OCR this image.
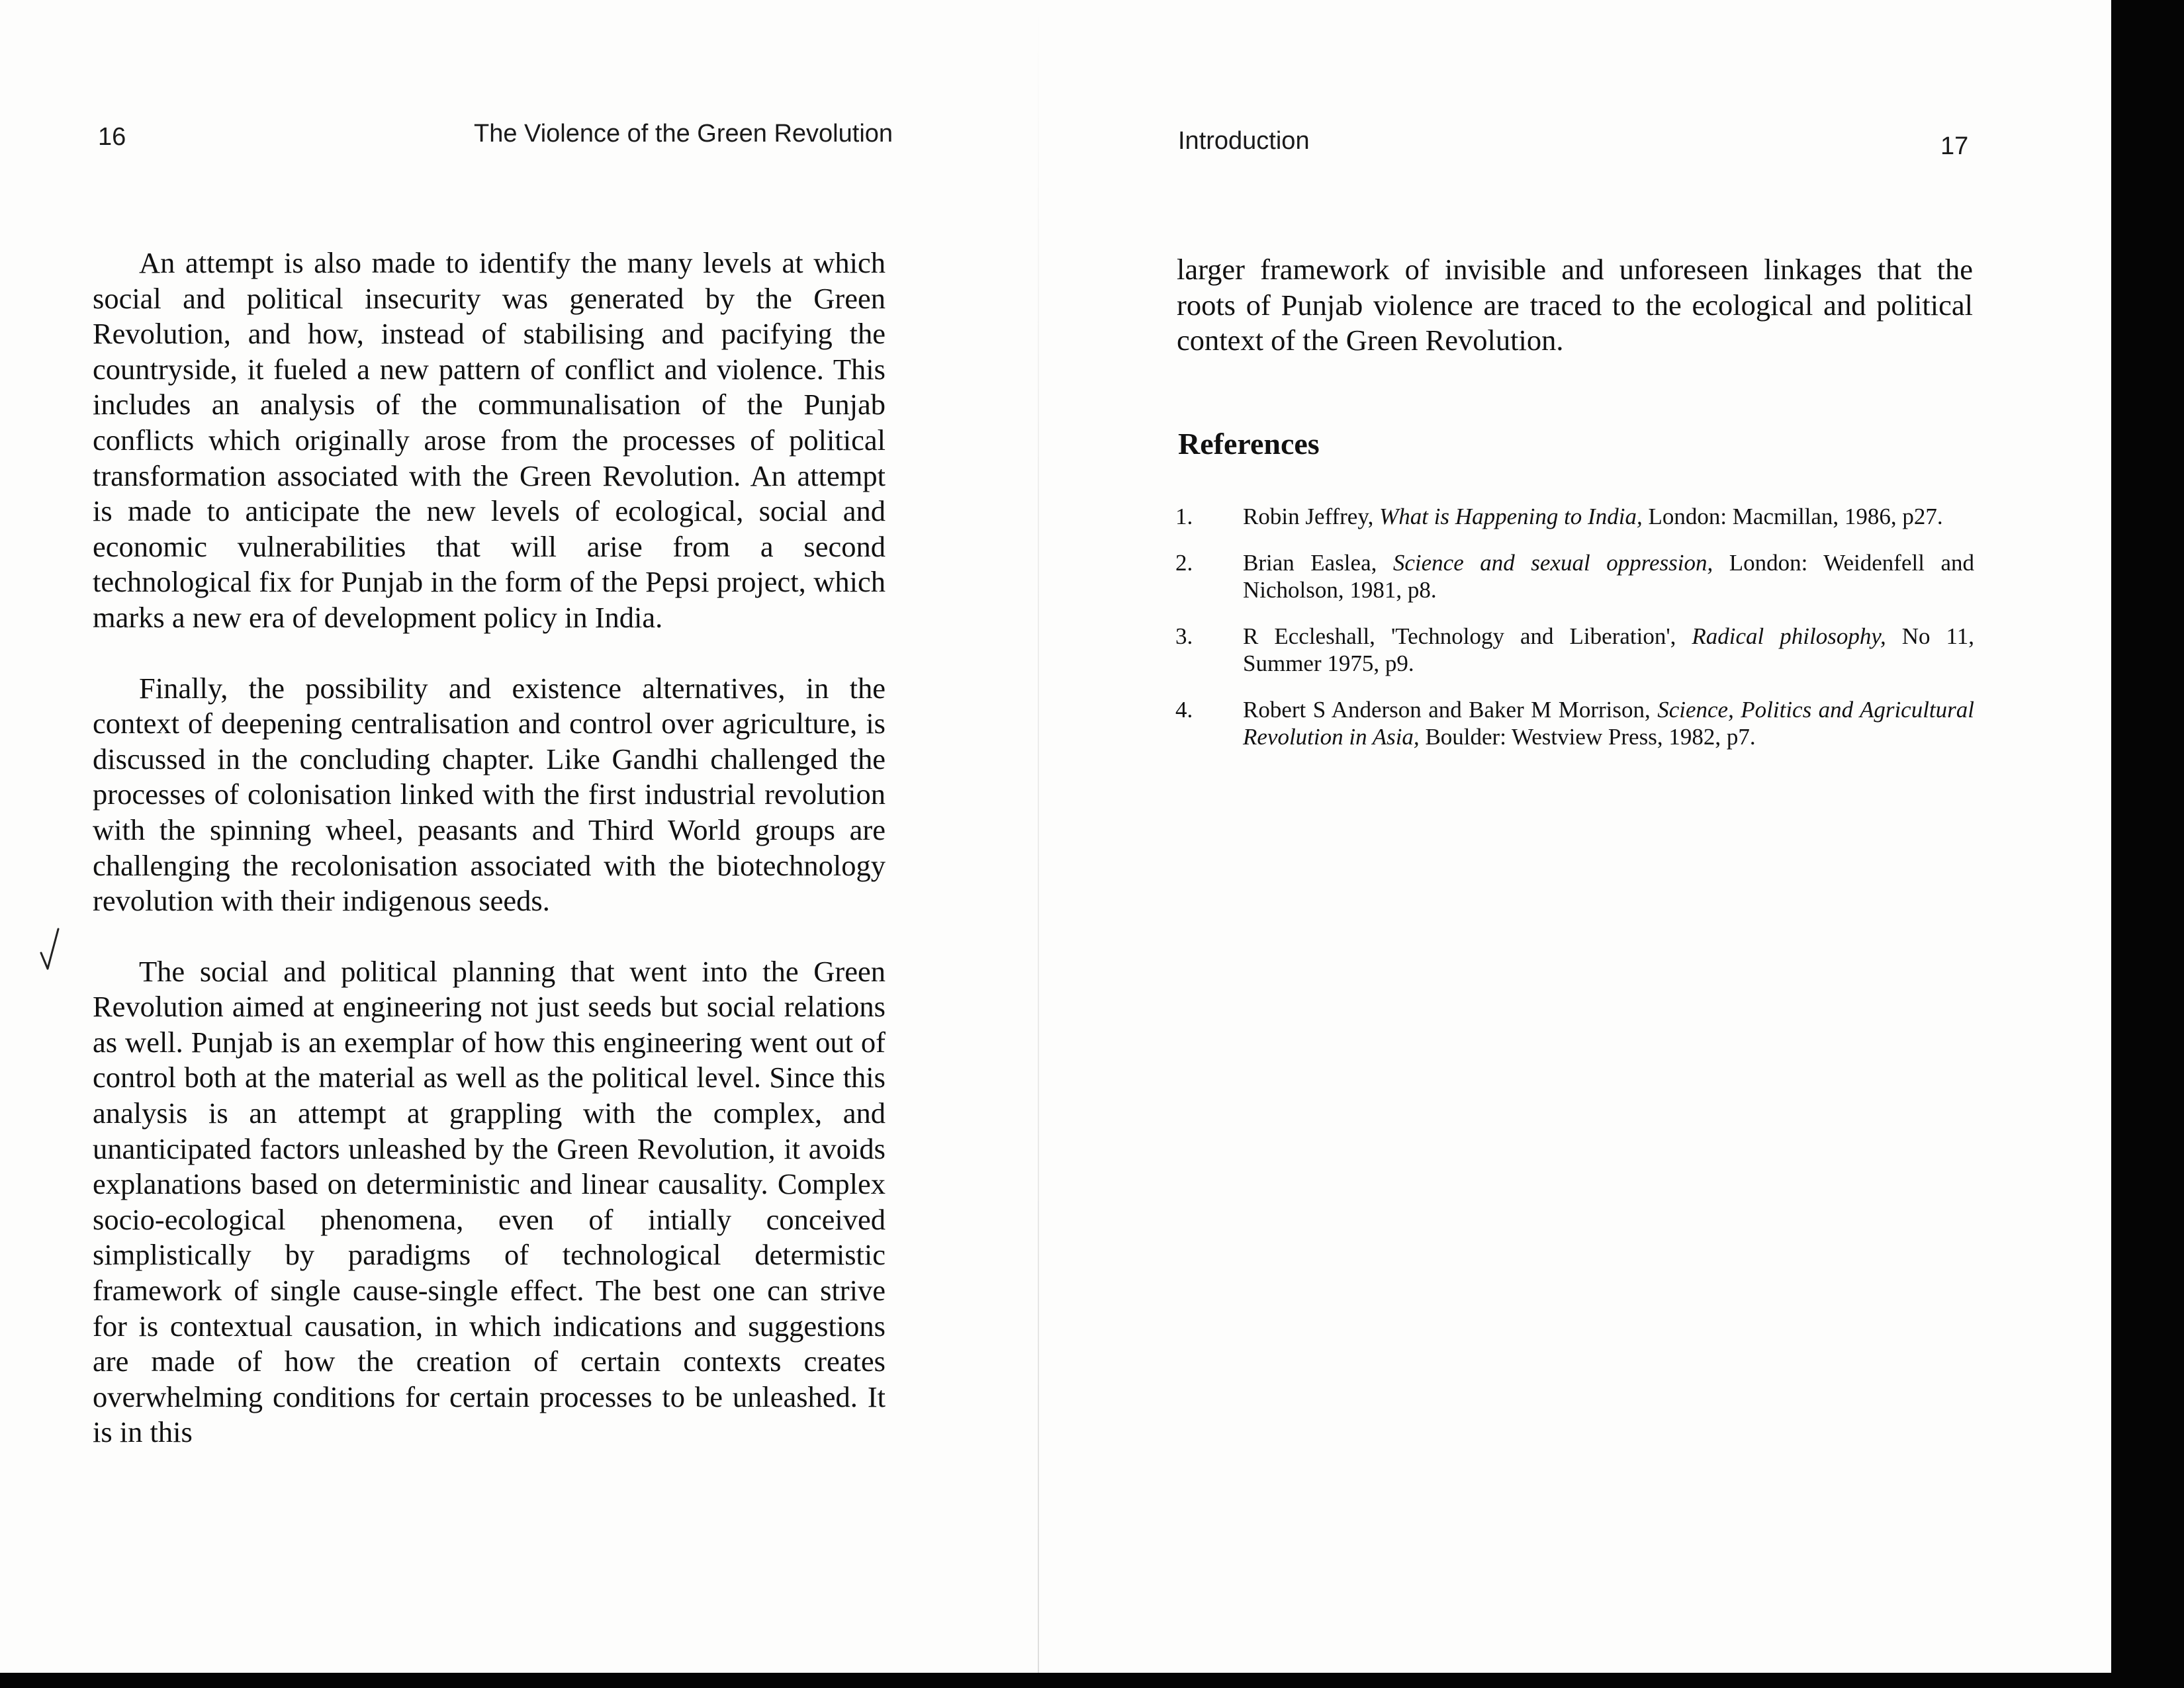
16	The Violence of the Green Revolution

An attempt is also made to identify the many levels at which social and political insecurity was generated by the Green Revolution, and how, instead of stabilising and pacifying the countryside, it fueled a new pattern of conflict and violence. This includes an analysis of the communalisation of the Punjab conflicts which originally arose from the processes of political transformation associated with the Green Revolution. An attempt is made to anticipate the new levels of ecological, social and economic vulnerabilities that will arise from a second technological fix for Punjab in the form of the Pepsi project, which marks a new era of development policy in India.

Finally, the possibility and existence alternatives, in the context of deepening centralisation and control over agriculture, is discussed in the concluding chapter. Like Gandhi challenged the processes of colonisation linked with the first industrial revolution with the spinning wheel, peasants and Third World groups are challenging the recolonisation associated with the biotechnology revolution with their indigenous seeds.

The social and political planning that went into the Green Revolution aimed at engineering not just seeds but social relations as well. Punjab is an exemplar of how this engineering went out of control both at the material as well as the political level. Since this analysis is an attempt at grappling with the complex, and unanticipated factors unleashed by the Green Revolution, it avoids explanations based on deterministic and linear causality. Complex socio-ecological phenomena, even of intially conceived simplistically by paradigms of technological determistic framework of single cause-single effect. The best one can strive for is contextual causation, in which indications and suggestions are made of how the creation of certain contexts creates overwhelming conditions for certain processes to be unleashed. It is in this

Introduction	17

larger framework of invisible and unforeseen linkages that the roots of Punjab violence are traced to the ecological and political context of the Green Revolution.

References
1. Robin Jeffrey, What is Happening to India, London: Macmillan, 1986, p27.
2. Brian Easlea, Science and sexual oppression, London: Weidenfell and Nicholson, 1981, p8.
3. R Eccleshall, 'Technology and Liberation', Radical philosophy, No 11, Summer 1975, p9.
4. Robert S Anderson and Baker M Morrison, Science, Politics and Agricultural Revolution in Asia, Boulder: Westview Press, 1982, p7.
